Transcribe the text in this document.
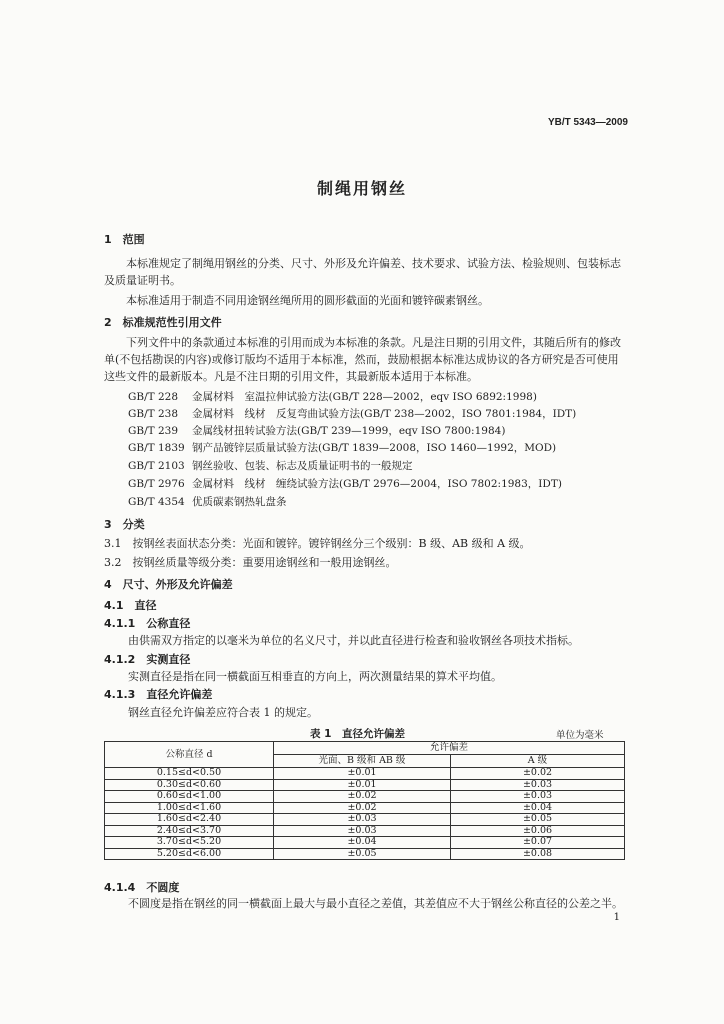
YB/T 5343—2009
制绳用钢丝
1　范围
本标准规定了制绳用钢丝的分类、尺寸、外形及允许偏差、技术要求、试验方法、检验规则、包装标志及质量证明书。
本标准适用于制造不同用途钢丝绳所用的圆形截面的光面和镀锌碳素钢丝。
2　标准规范性引用文件
下列文件中的条款通过本标准的引用而成为本标准的条款。凡是注日期的引用文件，其随后所有的修改单(不包括勘误的内容)或修订版均不适用于本标准，然而，鼓励根据本标准达成协议的各方研究是否可使用这些文件的最新版本。凡是不注日期的引用文件，其最新版本适用于本标准。
GB/T 228 金属材料　室温拉伸试验方法(GB/T 228—2002，eqv ISO 6892:1998)
GB/T 238 金属材料　线材　反复弯曲试验方法(GB/T 238—2002，ISO 7801:1984，IDT)
GB/T 239 金属线材扭转试验方法(GB/T 239—1999，eqv ISO 7800:1984)
GB/T 1839 钢产品镀锌层质量试验方法(GB/T 1839—2008，ISO 1460—1992，MOD)
GB/T 2103 钢丝验收、包装、标志及质量证明书的一般规定
GB/T 2976 金属材料　线材　缠绕试验方法(GB/T 2976—2004，ISO 7802:1983，IDT)
GB/T 4354 优质碳素钢热轧盘条
3　分类
3.1　按钢丝表面状态分类：光面和镀锌。镀锌钢丝分三个级别：B 级、AB 级和 A 级。
3.2　按钢丝质量等级分类：重要用途钢丝和一般用途钢丝。
4　尺寸、外形及允许偏差
4.1　直径
4.1.1　公称直径
由供需双方指定的以毫米为单位的名义尺寸，并以此直径进行检查和验收钢丝各项技术指标。
4.1.2　实测直径
实测直径是指在同一横截面互相垂直的方向上，两次测量结果的算术平均值。
4.1.3　直径允许偏差
钢丝直径允许偏差应符合表 1 的规定。
表 1　直径允许偏差	单位为毫米
公称直径 d	允许偏差	
	光面、B 级和 AB 级	A 级
0.15≤d<0.50	±0.01	±0.02
0.30≤d<0.60	±0.01	±0.03
0.60≤d<1.00	±0.02	±0.03
1.00≤d<1.60	±0.02	±0.04
1.60≤d<2.40	±0.03	±0.05
2.40≤d<3.70	±0.03	±0.06
3.70≤d<5.20	±0.04	±0.07
5.20≤d<6.00	±0.05	±0.08
4.1.4　不圆度
不圆度是指在钢丝的同一横截面上最大与最小直径之差值，其差值应不大于钢丝公称直径的公差之半。
1
